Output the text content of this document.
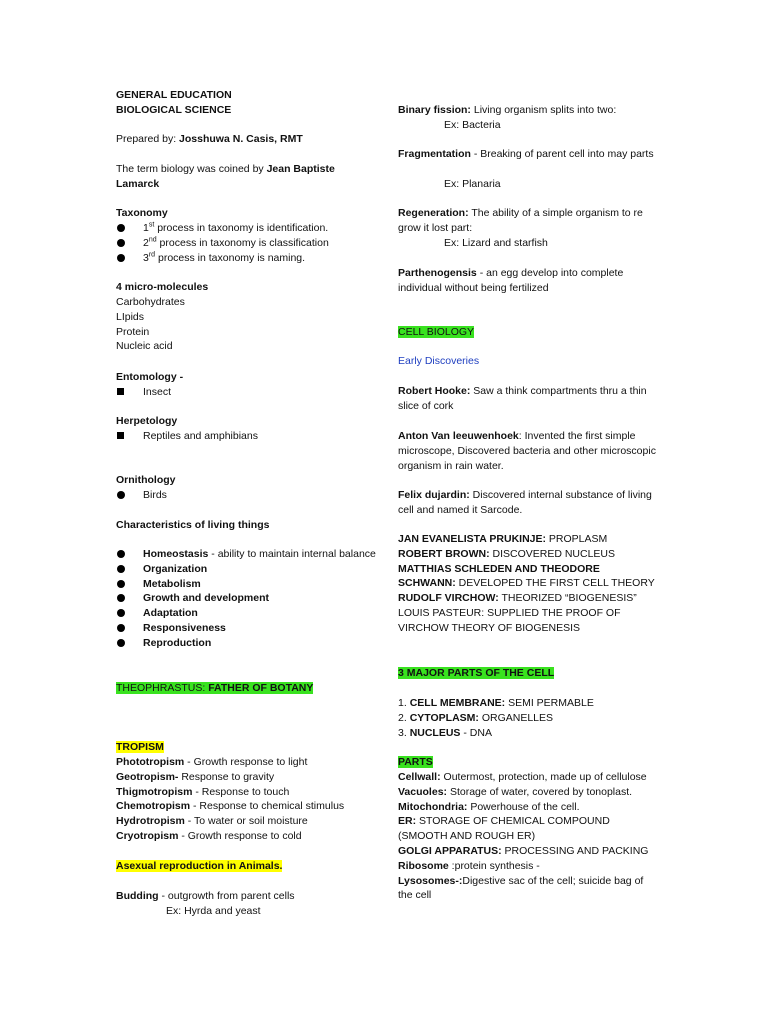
GENERAL EDUCATION

BIOLOGICAL SCIENCE

Prepared by: Josshuwa N. Casis, RMT

The term biology was coined by Jean Baptiste Lamarck

Taxonomy

1st process in taxonomy is identification.
2nd process in taxonomy is classification
3rd process in taxonomy is naming.

4 micro-molecules

Carbohydrates
LIpids
Protein
Nucleic acid

Entomology -

Insect

Herpetology

Reptiles and amphibians

Ornithology

Birds

Characteristics of living things

Homeostasis - ability to maintain internal balance
Organization
Metabolism
Growth and development
Adaptation
Responsiveness
Reproduction

THEOPHRASTUS: FATHER OF BOTANY

TROPISM

Phototropism - Growth response to light
Geotropism- Response to gravity
Thigmotropism - Response to touch
Chemotropism - Response to chemical stimulus
Hydrotropism - To water or soil moisture
Cryotropism - Growth response to cold

Asexual reproduction in Animals.

Budding - outgrowth from parent cells

Ex: Hyrda and yeast

Binary fission: Living organism splits into two:

Ex: Bacteria

Fragmentation - Breaking of parent cell into may parts

Ex: Planaria

Regeneration: The ability of a simple organism to re grow it lost part:

Ex: Lizard and starfish

Parthenogensis - an egg develop into complete individual without being fertilized

CELL BIOLOGY

Early Discoveries

Robert Hooke: Saw a think compartments thru a thin slice of cork

Anton Van leeuwenhoek: Invented the first simple microscope, Discovered bacteria and other microscopic organism in rain water.

Felix dujardin: Discovered internal substance of living cell and named it Sarcode.

JAN EVANELISTA PRUKINJE: PROPLASM
ROBERT BROWN: DISCOVERED NUCLEUS
MATTHIAS SCHLEDEN AND THEODORE SCHWANN: DEVELOPED THE FIRST CELL THEORY
RUDOLF VIRCHOW: THEORIZED “BIOGENESIS”
LOUIS PASTEUR: SUPPLIED THE PROOF OF VIRCHOW THEORY OF BIOGENESIS

3 MAJOR PARTS OF THE CELL

1. CELL MEMBRANE: SEMI PERMABLE
2. CYTOPLASM: ORGANELLES
3. NUCLEUS - DNA

PARTS

Cellwall: Outermost, protection, made up of cellulose
Vacuoles: Storage of water, covered by tonoplast.
Mitochondria: Powerhouse of the cell.
ER: STORAGE OF CHEMICAL COMPOUND (SMOOTH AND ROUGH ER)
GOLGI APPARATUS: PROCESSING AND PACKING
Ribosome :protein synthesis -
Lysosomes-:Digestive sac of the cell; suicide bag of the cell
